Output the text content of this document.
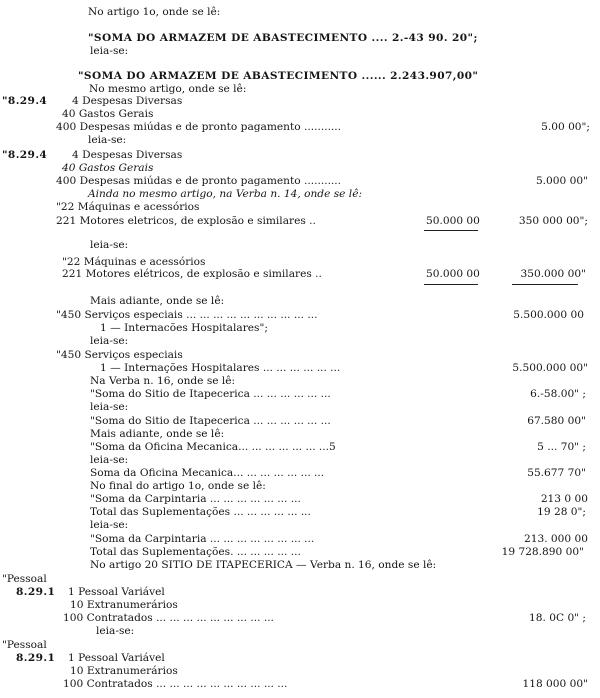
No artigo 1o, onde se lê:
"SOMA DO ARMAZEM DE ABASTECIMENTO .... 2.-43 90. 20";
leia-se:
"SOMA DO ARMAZEM DE ABASTECIMENTO ...... 2.243.907,00"
No mesmo artigo, onde se lê:
"8.29.4 4 Despesas Diversas
40 Gastos Gerais
400 Despesas miúdas e de pronto pagamento ...........	5.00 00";
leia-se:
"8.29.4 4 Despesas Diversas
40 Gastos Gerais
400 Despesas miúdas e de pronto pagamento ...........	5.000 00"
Ainda no mesmo artigo, na Verba n. 14, onde se lê:
"22 Máquinas e acessórios
221 Motores eletricos, de explosão e similares ..	50.000 00	350 000 00";
leia-se:
"22 Máquinas e acessórios
221 Motores elétricos, de explosão e similares ..	50.000 00	350.000 00"
Mais adiante, onde se lê:
"450 Serviços especiais ... ... ... ... ... ... ... ... ... ...	5.500.000 00
1 — Internacões Hospitalares";
leia-se:
"450 Serviços especiais
1 — Internações Hospitalares ... ... ... ... ... ...	5.500.000 00"
Na Verba n. 16, onde se lê:
"Soma do Sitio de Itapecerica ... ... ... ... ... ...	6.-58.00" ;
leia-se:
"Soma do Sitio de Itapecerica ... ... ... ... ... ...	67.580 00"
Mais adiante, onde se lê:
"Soma da Oficina Mecanica... ... ... ... ... ... ...5	5 ... 70" ;
leia-se:
Soma da Oficina Mecanica... ... ... ... ... ... ...	55.677 70"
No final do artigo 1o, onde se lê:
"Soma da Carpintaria ... ... ... ... ... ... ...	213 0 00
Total das Suplementações ... ... ... ... ... ...	19 28 0";
leia-se:
"Soma da Carpintaria ... ... ... ... ... ... ... ...	213. 000 00
Total das Suplementações. ... ... ... ... ...	19 728.890 00"
No artigo 20 SITIO DE ITAPECERICA — Verba n. 16, onde se lê:
"Pessoal
8.29.1 1 Pessoal Variável
10 Extranumerários
100 Contratados ... ... ... ... ... ... ... ... ...	18. 0C 0" ;
leia-se:
"Pessoal
8.29.1 1 Pessoal Variável
10 Extranumerários
100 Contratados ... ... ... ... ... ... ... ... ... ...	118 000 00"
